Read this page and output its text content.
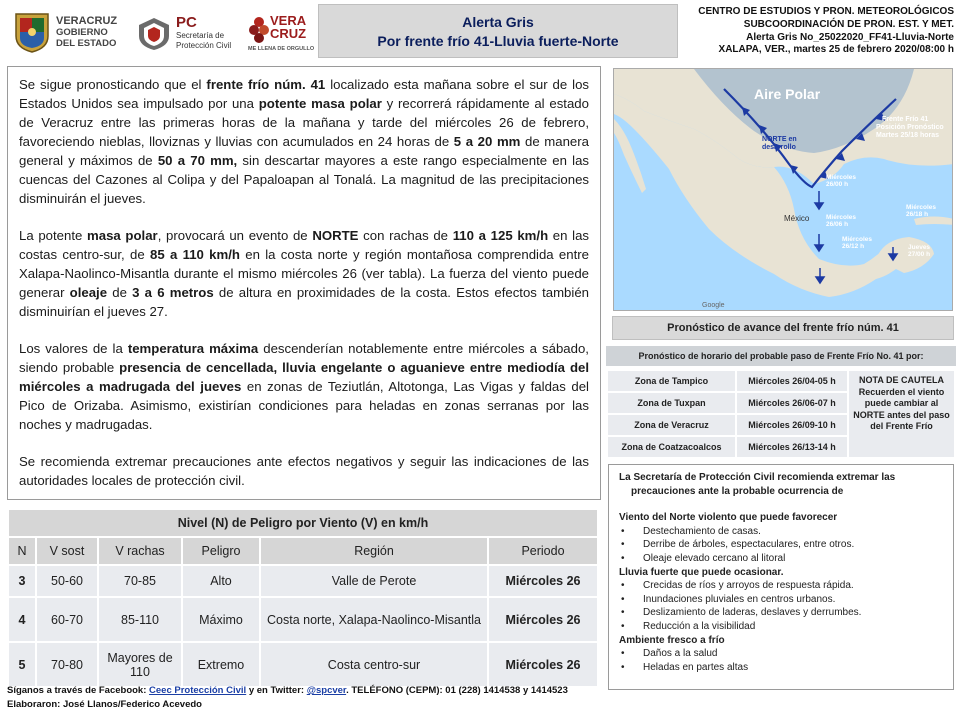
VERACRUZ
GOBIERNO
DEL ESTADO
PC
Secretaría de
Protección Civil
VERA
CRUZ
ME LLENA DE ORGULLO
Alerta Gris
Por frente frío 41-Lluvia fuerte-Norte
CENTRO DE ESTUDIOS Y PRON. METEOROLÓGICOS
SUBCOORDINACIÓN DE PRON. EST. Y MET.
Alerta Gris No_25022020_FF41-Lluvia-Norte
XALAPA, VER., martes 25 de febrero 2020/08:00 h

Se sigue pronosticando que el frente frío núm. 41 localizado esta mañana sobre el sur de los Estados Unidos sea impulsado por una potente masa polar y recorrerá rápidamente al estado de Veracruz entre las primeras horas de la mañana y tarde del miércoles 26 de febrero, favoreciendo nieblas, lloviznas y lluvias con acumulados en 24 horas de 5 a 20 mm de manera general y máximos de 50 a 70 mm, sin descartar mayores a este rango especialmente en las cuencas del Cazones al Colipa y del Papaloapan al Tonalá. La magnitud de las precipitaciones disminuirán el jueves.

La potente masa polar, provocará un evento de NORTE con rachas de 110 a 125 km/h en las costas centro-sur, de 85 a 110 km/h en la costa norte y región montañosa comprendida entre Xalapa-Naolinco-Misantla durante el mismo miércoles 26 (ver tabla). La fuerza del viento puede generar oleaje de 3 a 6 metros de altura en proximidades de la costa. Estos efectos también disminuirían el jueves 27.

Los valores de la temperatura máxima descenderían notablemente entre miércoles a sábado, siendo probable presencia de cencellada, lluvia engelante o aguanieve entre mediodía del miércoles a madrugada del jueves en zonas de Teziutlán, Altotonga, Las Vigas y faldas del Pico de Orizaba. Asimismo, existirían condiciones para heladas en zonas serranas por las noches y madrugadas.

Se recomienda extremar precauciones ante efectos negativos y seguir las indicaciones de las autoridades locales de protección civil.

Aire Polar
NORTE en desarrollo
Frente Frío 41 Posición Pronóstico Martes 25/18 horas
México
Miércoles 26/00 h
Miércoles 26/06 h
Miércoles 26/18 h
Miércoles 26/12 h	Jueves 27/00 h
Google
Pronóstico de avance del frente frío núm. 41
Pronóstico de horario del probable paso de Frente Frío No. 41 por:
Zona de Tampico	Miércoles 26/04-05 h	NOTA DE CAUTELA Recuerden el viento puede cambiar al NORTE antes del paso del Frente Frío
Zona de Tuxpan	Miércoles 26/06-07 h	
Zona de Veracruz	Miércoles 26/09-10 h	
Zona de Coatzacoalcos	Miércoles 26/13-14 h	
La Secretaría de Protección Civil recomienda extremar las
precauciones ante la probable ocurrencia de
Viento del Norte violento que puede favorecer
• Destechamiento de casas.
• Derribe de árboles, espectaculares, entre otros.
• Oleaje elevado cercano al litoral
Lluvia fuerte que puede ocasionar.
• Crecidas de ríos y arroyos de respuesta rápida.
• Inundaciones pluviales en centros urbanos.
• Deslizamiento de laderas, deslaves y derrumbes.
• Reducción a la visibilidad
Ambiente fresco a frío
• Daños a la salud
• Heladas en partes altas
Nivel (N) de Peligro por Viento (V) en km/h					
N	V sost	V rachas	Peligro	Región	Periodo
3	50-60	70-85	Alto	Valle de Perote	Miércoles 26
4	60-70	85-110	Máximo	Costa norte, Xalapa-Naolinco-Misantla	Miércoles 26
5	70-80	Mayores de 110	Extremo	Costa centro-sur	Miércoles 26
Síganos a través de Facebook: Ceec Protección Civil y en Twitter: @spcver. TELÉFONO (CEPM): 01 (228) 1414538 y 1414523
Elaboraron: José Llanos/Federico Acevedo
